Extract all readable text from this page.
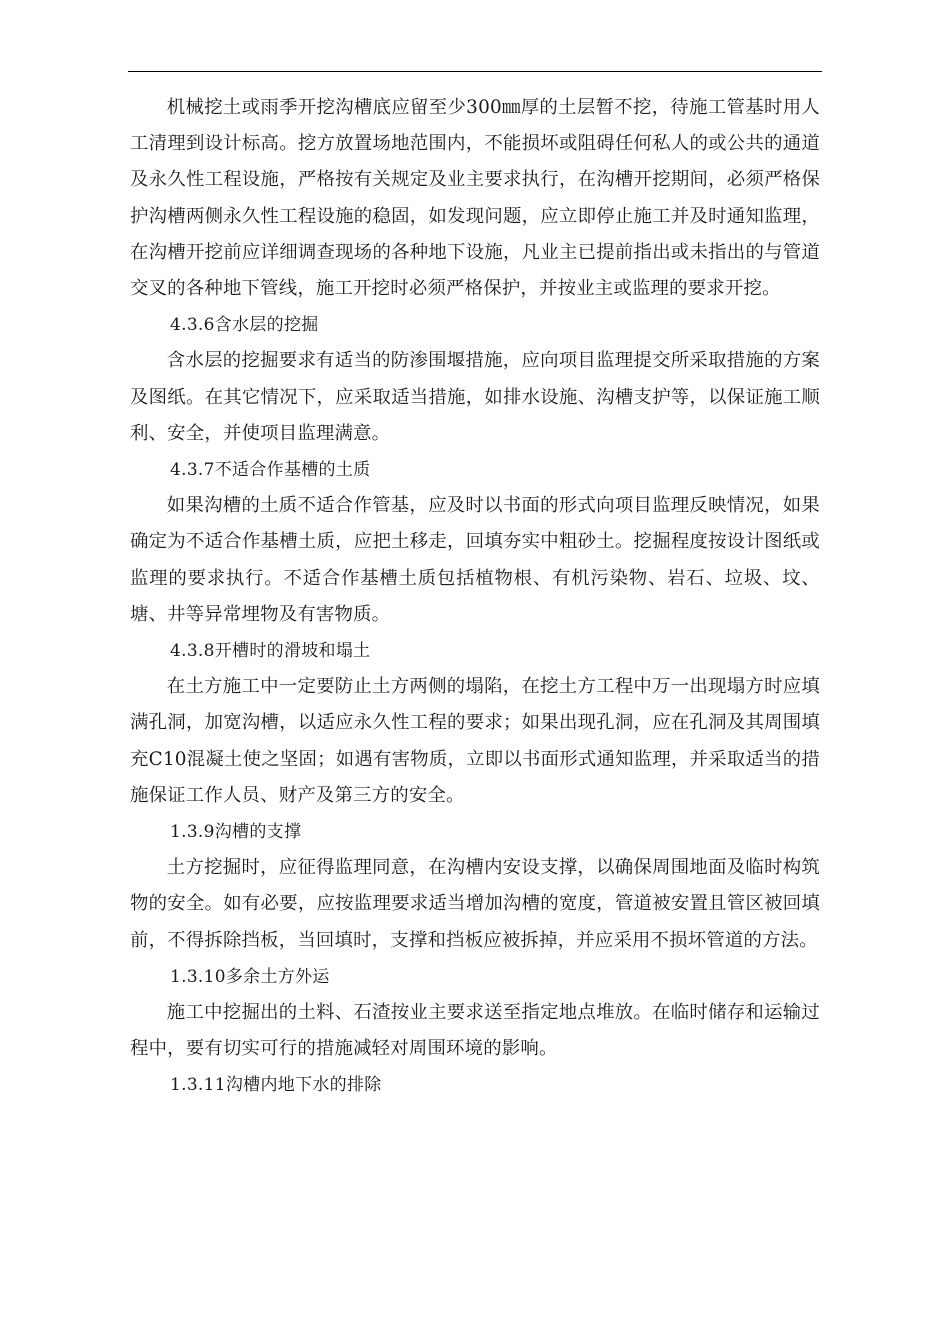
机械挖土或雨季开挖沟槽底应留至少300㎜厚的土层暂不挖，待施工管基时用人工清理到设计标高。挖方放置场地范围内，不能损坏或阻碍任何私人的或公共的通道及永久性工程设施，严格按有关规定及业主要求执行，在沟槽开挖期间，必须严格保护沟槽两侧永久性工程设施的稳固，如发现问题，应立即停止施工并及时通知监理，在沟槽开挖前应详细调查现场的各种地下设施，凡业主已提前指出或未指出的与管道交叉的各种地下管线，施工开挖时必须严格保护，并按业主或监理的要求开挖。

4.3.6含水层的挖掘

含水层的挖掘要求有适当的防渗围堰措施，应向项目监理提交所采取措施的方案及图纸。在其它情况下，应采取适当措施，如排水设施、沟槽支护等，以保证施工顺利、安全，并使项目监理满意。

4.3.7不适合作基槽的土质

如果沟槽的土质不适合作管基，应及时以书面的形式向项目监理反映情况，如果确定为不适合作基槽土质，应把土移走，回填夯实中粗砂土。挖掘程度按设计图纸或监理的要求执行。不适合作基槽土质包括植物根、有机污染物、岩石、垃圾、坟、塘、井等异常埋物及有害物质。

4.3.8开槽时的滑坡和塌土

在土方施工中一定要防止土方两侧的塌陷，在挖土方工程中万一出现塌方时应填满孔洞，加宽沟槽，以适应永久性工程的要求；如果出现孔洞，应在孔洞及其周围填充C10混凝土使之坚固；如遇有害物质，立即以书面形式通知监理，并采取适当的措施保证工作人员、财产及第三方的安全。

1.3.9沟槽的支撑

土方挖掘时，应征得监理同意，在沟槽内安设支撑，以确保周围地面及临时构筑物的安全。如有必要，应按监理要求适当增加沟槽的宽度，管道被安置且管区被回填前，不得拆除挡板，当回填时，支撑和挡板应被拆掉，并应采用不损坏管道的方法。

1.3.10多余土方外运

施工中挖掘出的土料、石渣按业主要求送至指定地点堆放。在临时储存和运输过程中，要有切实可行的措施减轻对周围环境的影响。

1.3.11沟槽内地下水的排除
